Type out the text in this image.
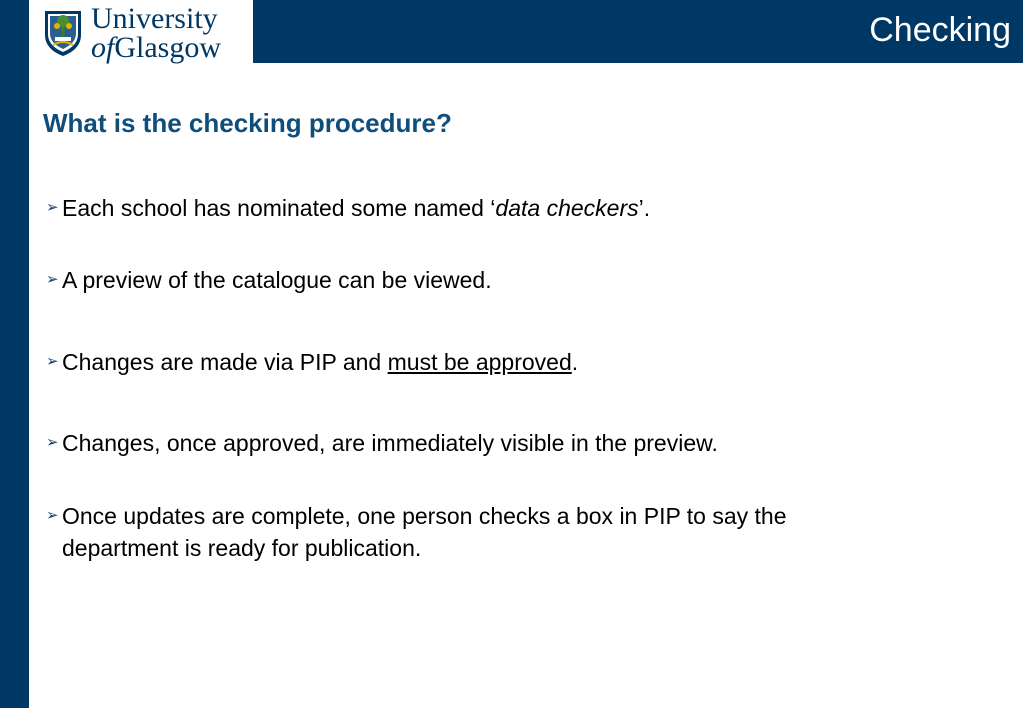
University
ofGlasgow	Checking
What is the checking procedure?
➢ Each school has nominated some named ‘data checkers’.
➢ A preview of the catalogue can be viewed.
➢ Changes are made via PIP and must be approved.
➢ Changes, once approved, are immediately visible in the preview.
➢ Once updates are complete, one person checks a box in PIP to say the department is ready for publication.
